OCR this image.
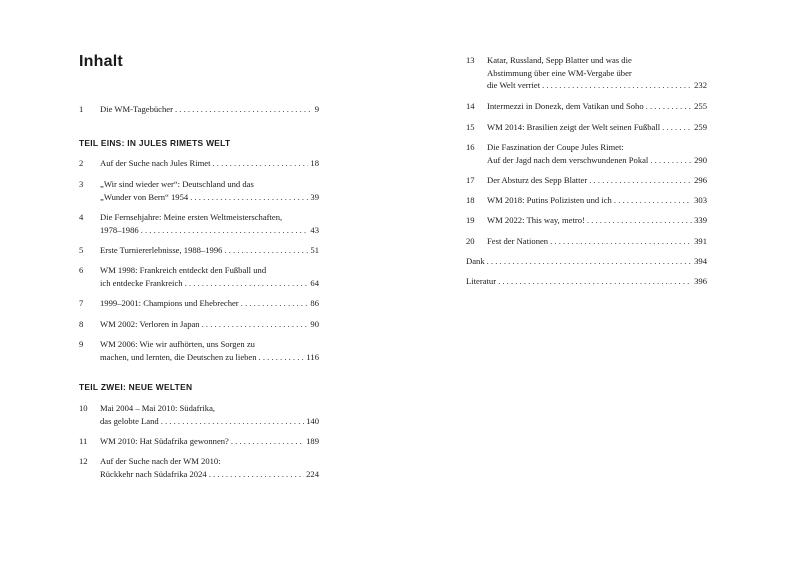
Inhalt
1 Die WM-Tagebücher . . .	9
TEIL EINS: IN JULES RIMETS WELT
2 Auf der Suche nach Jules Rimet . . .	18
3 „Wir sind wieder wer“: Deutschland und das
„Wunder von Bern“ 1954 . . .	39
4 Die Fernsehjahre: Meine ersten Weltmeisterschaften,
1978–1986 . . .	43
5 Erste Turniererlebnisse, 1988–1996 . . .	51
6 WM 1998: Frankreich entdeckt den Fußball und
ich entdecke Frankreich . . .	64
7 1999–2001: Champions und Ehebrecher . . .	86
8 WM 2002: Verloren in Japan . . .	90
9 WM 2006: Wie wir aufhörten, uns Sorgen zu
machen, und lernten, die Deutschen zu lieben . . .	116
TEIL ZWEI: NEUE WELTEN
10 Mai 2004 – Mai 2010: Südafrika,
das gelobte Land . . .	140
11 WM 2010: Hat Südafrika gewonnen? . . .	189
12 Auf der Suche nach der WM 2010:
Rückkehr nach Südafrika 2024 . . .	224
13 Katar, Russland, Sepp Blatter und was die
Abstimmung über eine WM-Vergabe über
die Welt verriet . . .	232
14 Intermezzi in Donezk, dem Vatikan und Soho . . .	255
15 WM 2014: Brasilien zeigt der Welt seinen Fußball . . .	259
16 Die Faszination der Coupe Jules Rimet:
Auf der Jagd nach dem verschwundenen Pokal . . .	290
17 Der Absturz des Sepp Blatter . . .	296
18 WM 2018: Putins Polizisten und ich . . .	303
19 WM 2022: This way, metro! . . .	339
20 Fest der Nationen . . .	391
Dank . . .	394
Literatur . . .	396
